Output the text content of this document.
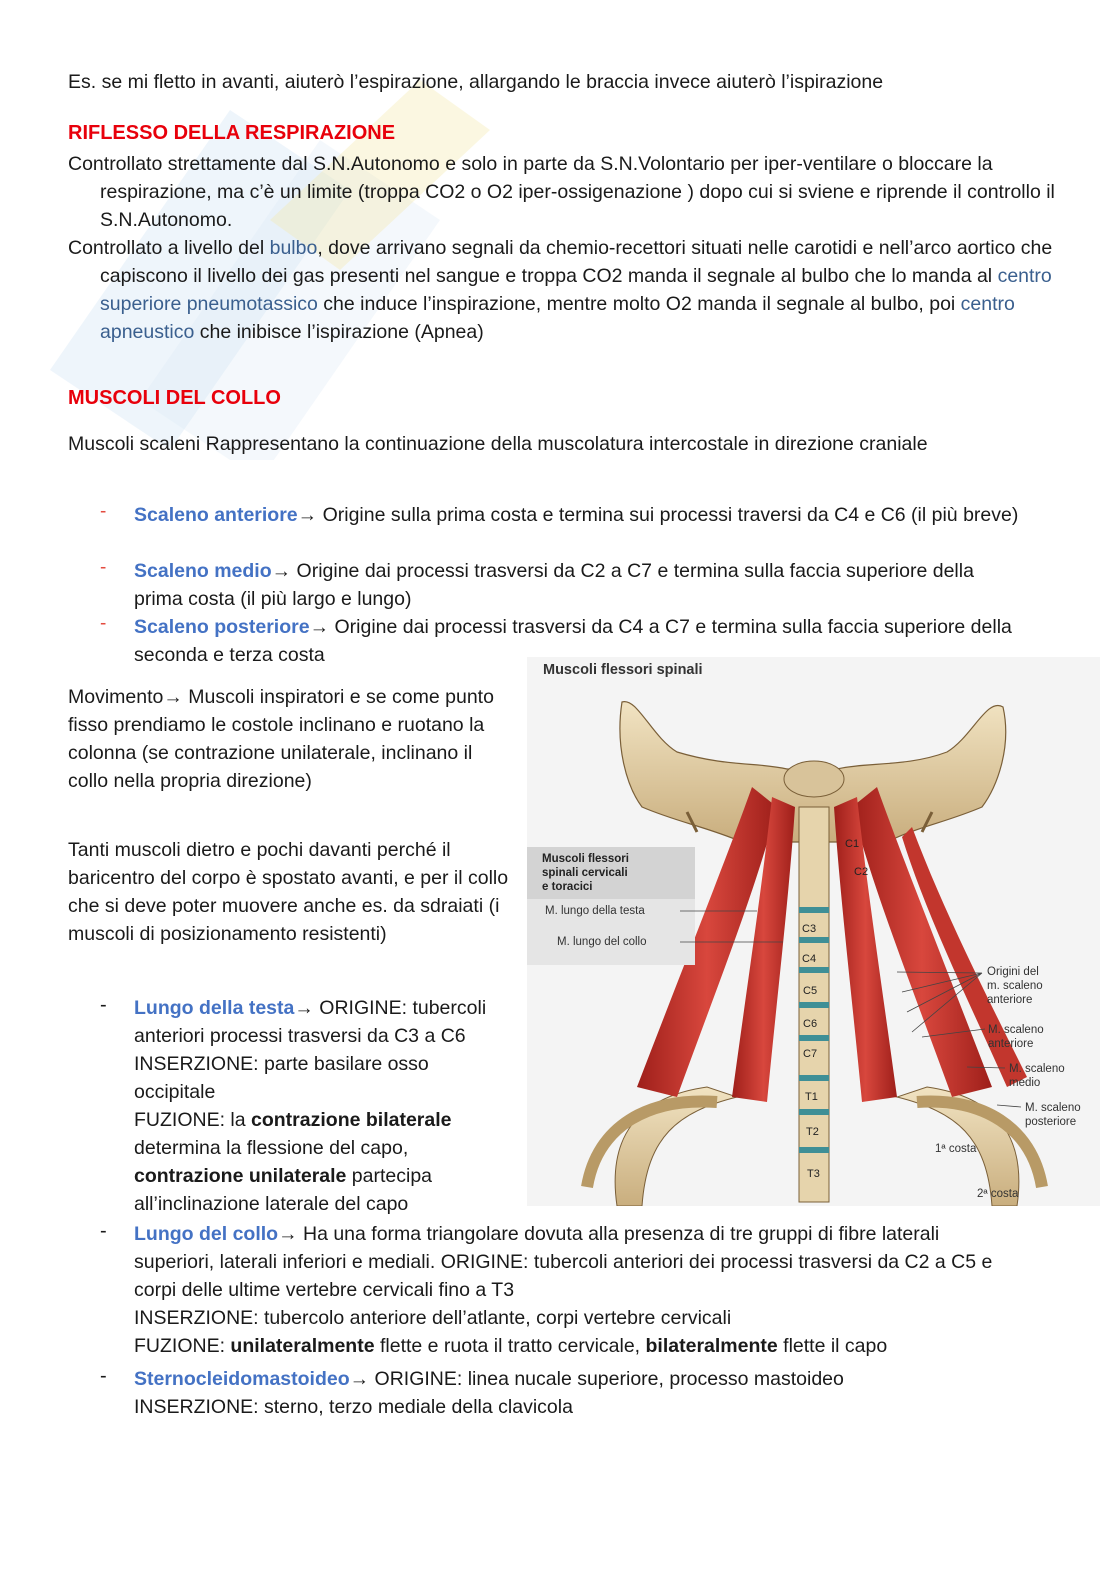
Es. se mi fletto in avanti, aiuterò l’espirazione, allargando le braccia invece aiuterò l’ispirazione
RIFLESSO DELLA RESPIRAZIONE
Controllato strettamente dal S.N.Autonomo e solo in parte da S.N.Volontario per iper-ventilare o bloccare la respirazione, ma c’è un limite (troppa CO2 o O2 iper-ossigenazione ) dopo cui si sviene e riprende il controllo il S.N.Autonomo.
Controllato a livello del bulbo, dove arrivano segnali da chemio-recettori situati nelle carotidi e nell’arco aortico che capiscono il livello dei gas presenti nel sangue e troppa CO2 manda il segnale al bulbo che lo manda al centro superiore pneumotassico che induce l’inspirazione, mentre molto O2 manda il segnale al bulbo, poi centro apneustico che inibisce l’ispirazione (Apnea)
MUSCOLI DEL COLLO
Muscoli scaleni Rappresentano la continuazione della muscolatura intercostale in direzione craniale
- Scaleno anteriore→ Origine sulla prima costa e termina sui processi traversi da C4 e C6 (il più breve)
- Scaleno medio→ Origine dai processi trasversi da C2 a C7 e termina sulla faccia superiore della prima costa (il più largo e lungo)
- Scaleno posteriore→ Origine dai processi trasversi da C4 a C7 e termina sulla faccia superiore della seconda e terza costa
Movimento→ Muscoli inspiratori e se come punto fisso prendiamo le costole inclinano e ruotano la colonna (se contrazione unilaterale, inclinano il collo nella propria direzione)
Tanti muscoli dietro e pochi davanti perché il baricentro del corpo è spostato avanti, e per il collo che si deve poter muovere anche es. da sdraiati (i muscoli di posizionamento resistenti)
- Lungo della testa→ ORIGINE: tubercoli anteriori processi trasversi da C3 a C6 INSERZIONE: parte basilare osso occipitale
FUZIONE: la contrazione bilaterale determina la flessione del capo, contrazione unilaterale partecipa all’inclinazione laterale del capo
- Lungo del collo→ Ha una forma triangolare dovuta alla presenza di tre gruppi di fibre laterali superiori, laterali inferiori e mediali. ORIGINE: tubercoli anteriori dei processi trasversi da C2 a C5 e corpi delle ultime vertebre cervicali fino a T3
INSERZIONE: tubercolo anteriore dell’atlante, corpi vertebre cervicali
FUZIONE: unilateralmente flette e ruota il tratto cervicale, bilateralmente flette il capo
- Sternocleidomastoideo→ ORIGINE: linea nucale superiore, processo mastoideo
INSERZIONE: sterno, terzo mediale della clavicola
Muscoli flessori spinali
C1
C2
C3
C4
C5
C6
C7
T1
T2
T3
Muscoli flessori
spinali cervicali
e toracici
M. lungo della testa
M. lungo del collo
Origini del
m. scaleno
anteriore
M. scaleno
anteriore
M. scaleno
medio
M. scaleno
posteriore
1ª costa
2ª costa
